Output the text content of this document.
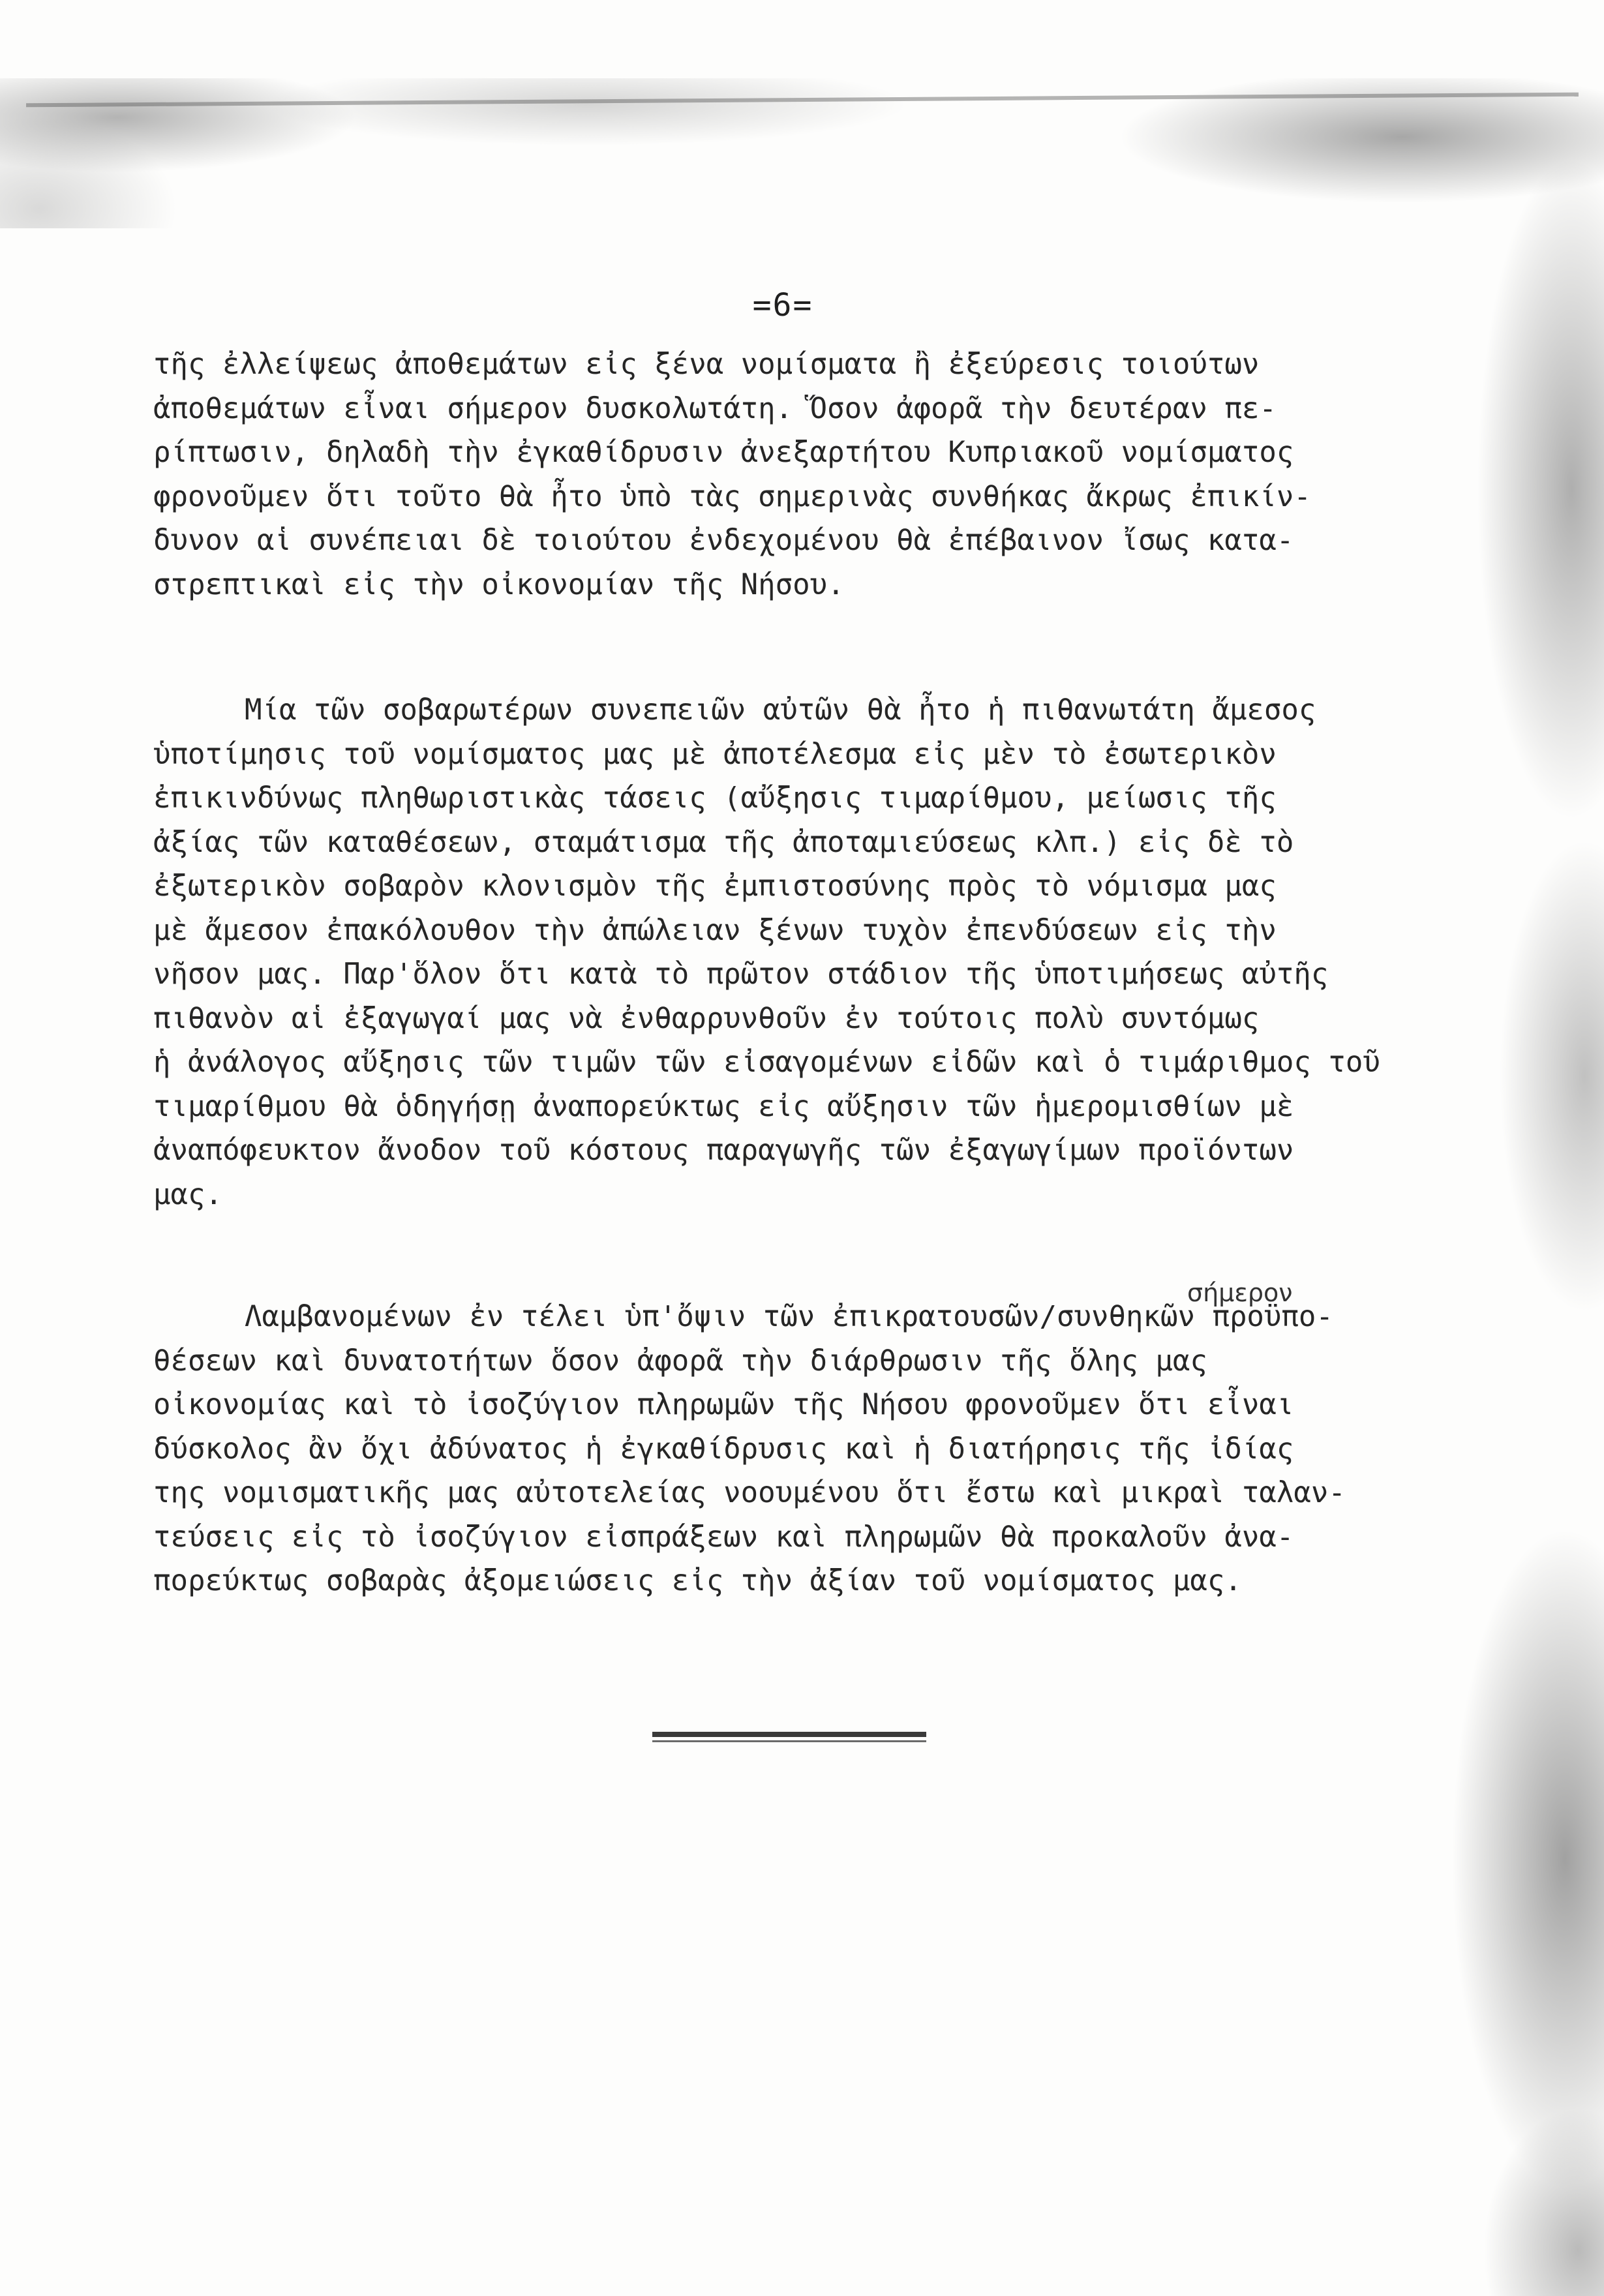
=6=
τῆς ἐλλείψεως ἀποθεμάτων εἰς ξένα νομίσματα ἢ ἐξεύρεσις τοιούτων
ἀποθεμάτων εἶναι σήμερον δυσκολωτάτη. Ὅσον ἀφορᾶ τὴν δευτέραν πε-
ρίπτωσιν, δηλαδὴ τὴν ἐγκαθίδρυσιν ἀνεξαρτήτου Κυπριακοῦ νομίσματος
φρονοῦμεν ὅτι τοῦτο θὰ ἦτο ὑπὸ τὰς σημερινὰς συνθήκας ἄκρως ἐπικίν-
δυνον αἱ συνέπειαι δὲ τοιούτου ἐνδεχομένου θὰ ἐπέβαινον ἴσως κατα-
στρεπτικαὶ εἰς τὴν οἰκονομίαν τῆς Νήσου.
Μία τῶν σοβαρωτέρων συνεπειῶν αὐτῶν θὰ ἦτο ἡ πιθανωτάτη ἄμεσος
ὑποτίμησις τοῦ νομίσματος μας μὲ ἀποτέλεσμα εἰς μὲν τὸ ἐσωτερικὸν
ἐπικινδύνως πληθωριστικὰς τάσεις (αὔξησις τιμαρίθμου, μείωσις τῆς
ἀξίας τῶν καταθέσεων, σταμάτισμα τῆς ἀποταμιεύσεως κλπ.) εἰς δὲ τὸ
ἐξωτερικὸν σοβαρὸν κλονισμὸν τῆς ἐμπιστοσύνης πρὸς τὸ νόμισμα μας
μὲ ἄμεσον ἐπακόλουθον τὴν ἀπώλειαν ξένων τυχὸν ἐπενδύσεων εἰς τὴν
νῆσον μας. Παρ'ὅλον ὅτι κατὰ τὸ πρῶτον στάδιον τῆς ὑποτιμήσεως αὐτῆς
πιθανὸν αἱ ἐξαγωγαί μας νὰ ἐνθαρρυνθοῦν ἐν τούτοις πολὺ συντόμως
ἡ ἀνάλογος αὔξησις τῶν τιμῶν τῶν εἰσαγομένων εἰδῶν καὶ ὁ τιμάριθμος τοῦ
τιμαρίθμου θὰ ὁδηγήσῃ ἀναπορεύκτως εἰς αὔξησιν τῶν ἡμερομισθίων μὲ
ἀναπόφευκτον ἄνοδον τοῦ κόστους παραγωγῆς τῶν ἐξαγωγίμων προϊόντων
μας.
σήμερον
Λαμβανομένων ἐν τέλει ὑπ'ὄψιν τῶν ἐπικρατουσῶν/συνθηκῶν προϋπο-
θέσεων καὶ δυνατοτήτων ὅσον ἀφορᾶ τὴν διάρθρωσιν τῆς ὅλης μας
οἰκονομίας καὶ τὸ ἰσοζύγιον πληρωμῶν τῆς Νήσου φρονοῦμεν ὅτι εἶναι
δύσκολος ἂν ὄχι ἀδύνατος ἡ ἐγκαθίδρυσις καὶ ἡ διατήρησις τῆς ἰδίας
της νομισματικῆς μας αὐτοτελείας νοουμένου ὅτι ἔστω καὶ μικραὶ ταλαν-
τεύσεις εἰς τὸ ἰσοζύγιον εἰσπράξεων καὶ πληρωμῶν θὰ προκαλοῦν ἀνα-
πορεύκτως σοβαρὰς ἀξομειώσεις εἰς τὴν ἀξίαν τοῦ νομίσματος μας.
